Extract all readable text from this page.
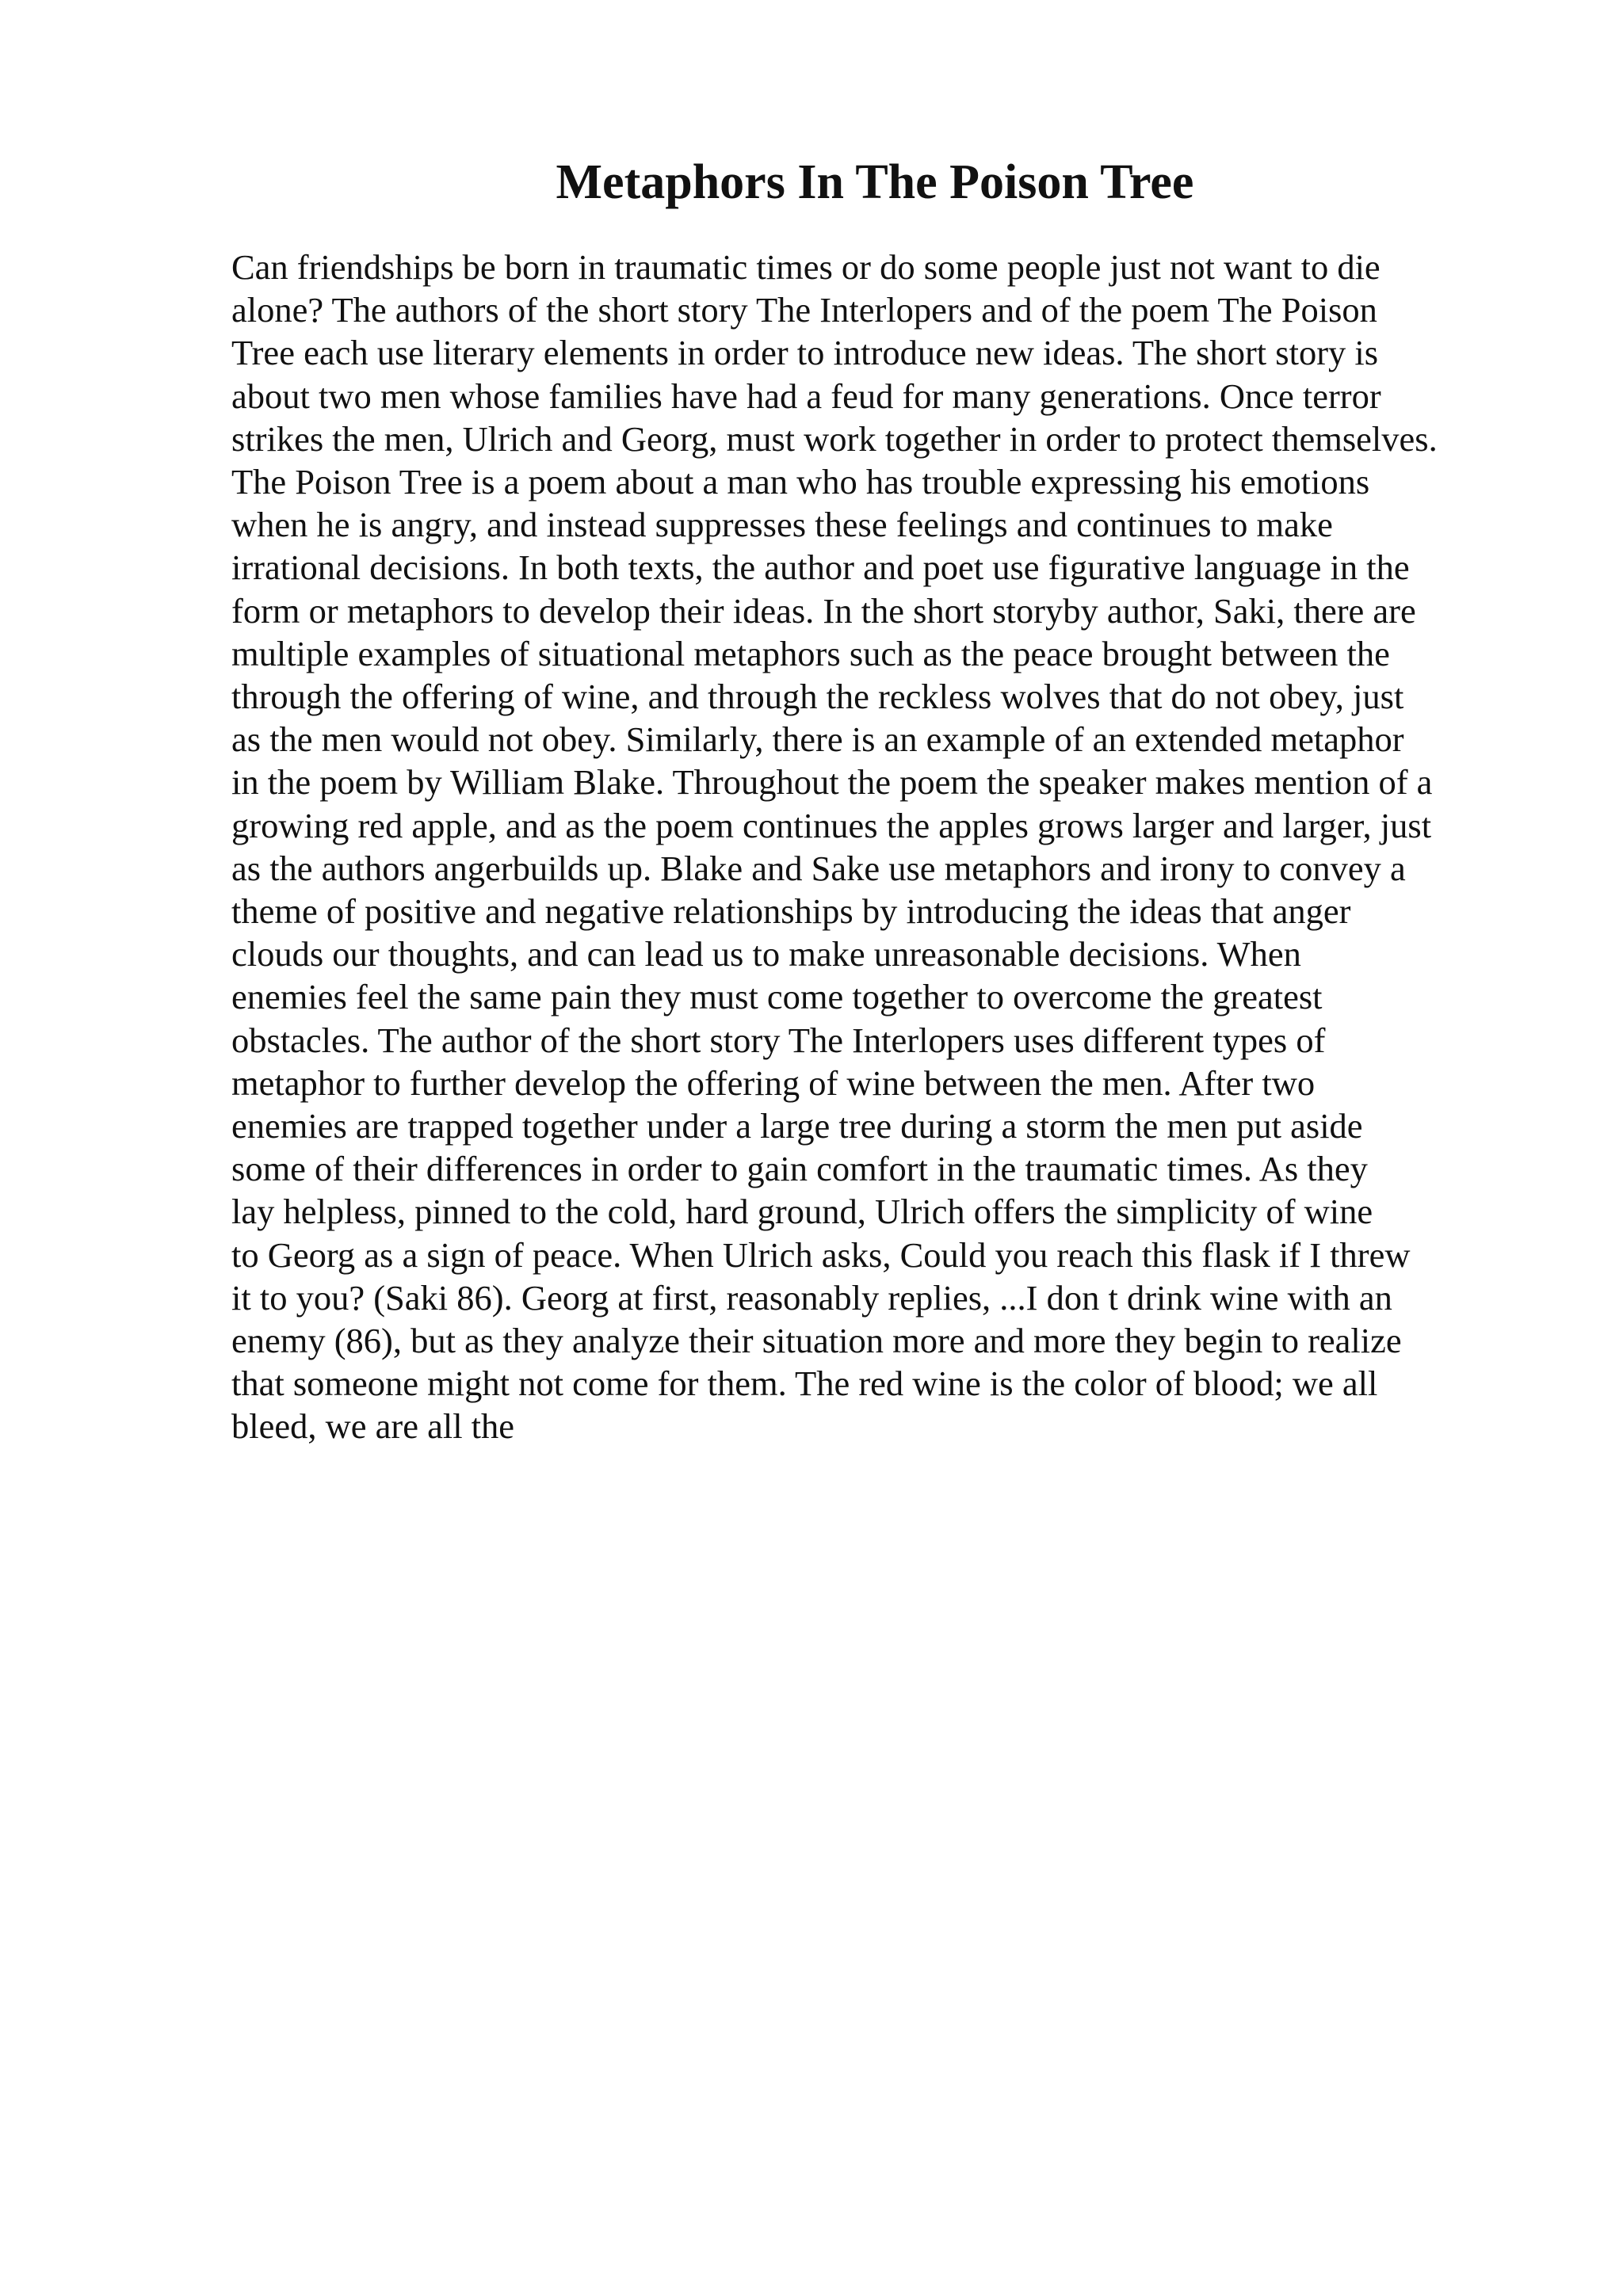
Metaphors In The Poison Tree
Can friendships be born in traumatic times or do some people just not want to die
alone? The authors of the short story The Interlopers and of the poem The Poison
Tree each use literary elements in order to introduce new ideas. The short story is
about two men whose families have had a feud for many generations. Once terror
strikes the men, Ulrich and Georg, must work together in order to protect themselves.
The Poison Tree is a poem about a man who has trouble expressing his emotions
when he is angry, and instead suppresses these feelings and continues to make
irrational decisions. In both texts, the author and poet use figurative language in the
form or metaphors to develop their ideas. In the short storyby author, Saki, there are
multiple examples of situational metaphors such as the peace brought between the
through the offering of wine, and through the reckless wolves that do not obey, just
as the men would not obey. Similarly, there is an example of an extended metaphor
in the poem by William Blake. Throughout the poem the speaker makes mention of a
growing red apple, and as the poem continues the apples grows larger and larger, just
as the authors angerbuilds up. Blake and Sake use metaphors and irony to convey a
theme of positive and negative relationships by introducing the ideas that anger
clouds our thoughts, and can lead us to make unreasonable decisions. When
enemies feel the same pain they must come together to overcome the greatest
obstacles. The author of the short story The Interlopers uses different types of
metaphor to further develop the offering of wine between the men. After two
enemies are trapped together under a large tree during a storm the men put aside
some of their differences in order to gain comfort in the traumatic times. As they
lay helpless, pinned to the cold, hard ground, Ulrich offers the simplicity of wine
to Georg as a sign of peace. When Ulrich asks, Could you reach this flask if I threw
it to you? (Saki 86). Georg at first, reasonably replies, ...I don t drink wine with an
enemy (86), but as they analyze their situation more and more they begin to realize
that someone might not come for them. The red wine is the color of blood; we all
bleed, we are all the
